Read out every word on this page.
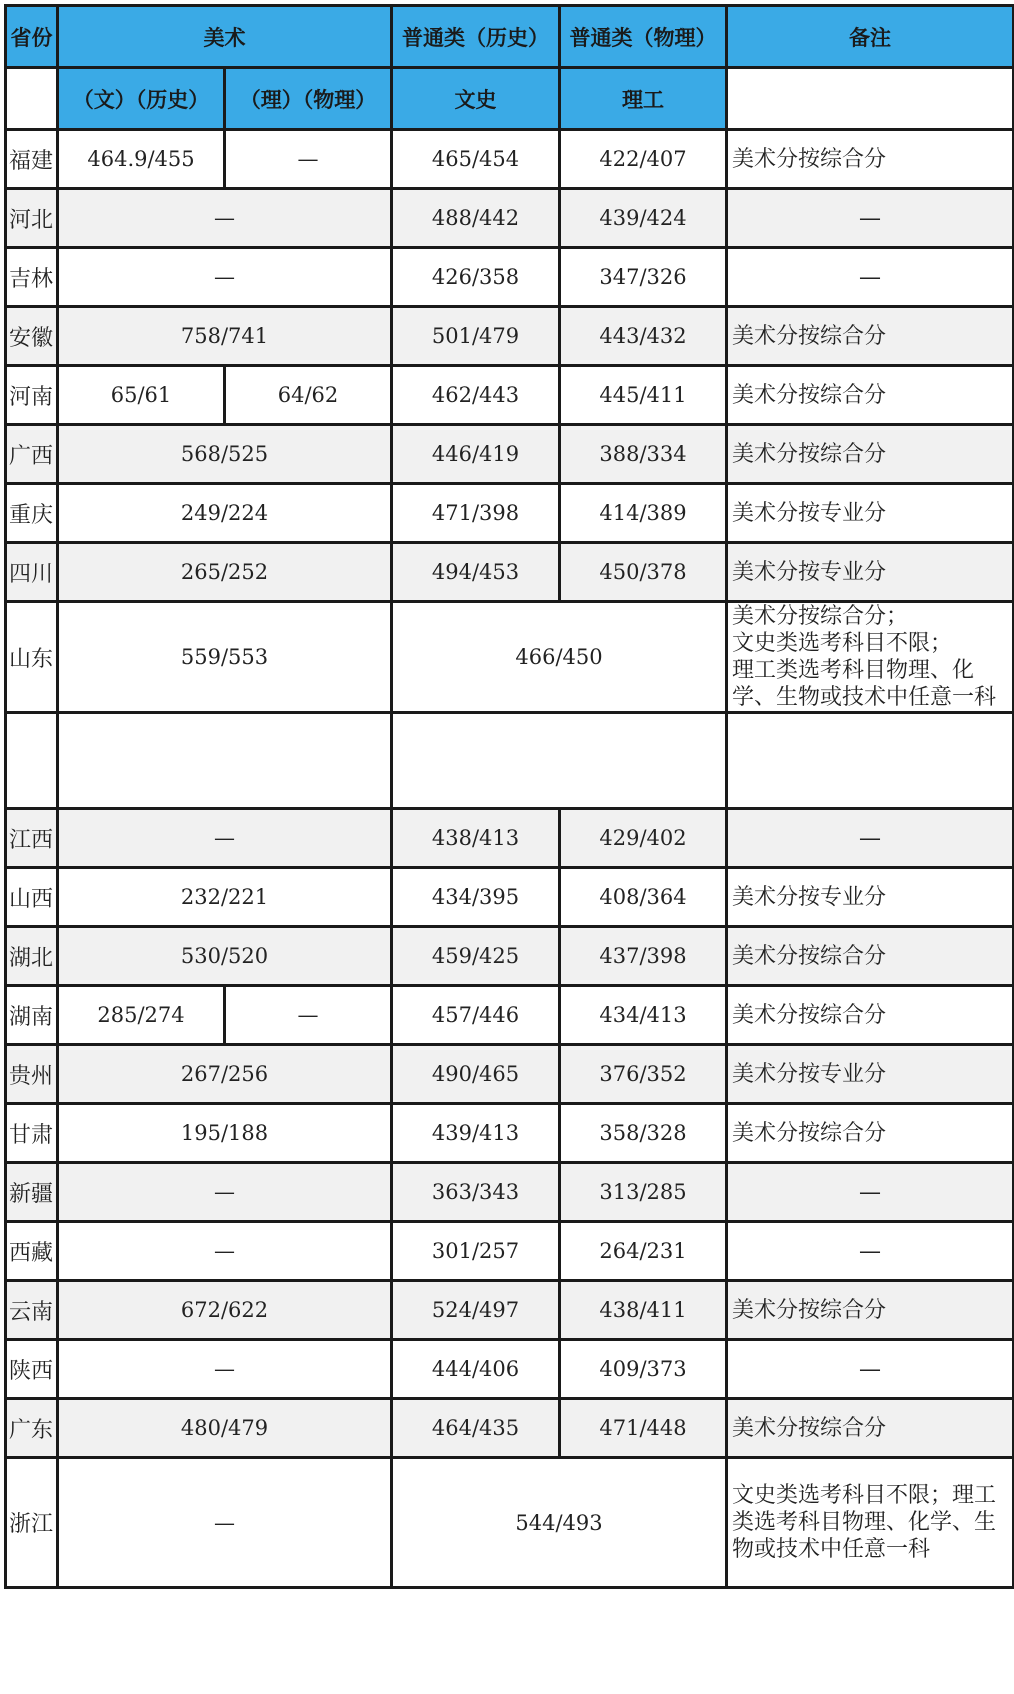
省份	美术		普通类（历史）	普通类（物理）	备注
	（文）（历史）	（理）（物理）	文史	理工	
福建	464.9/455	—	465/454	422/407	美术分按综合分
河北	—		488/442	439/424	—
吉林	—		426/358	347/326	—
安徽	758/741		501/479	443/432	美术分按综合分
河南	65/61	64/62	462/443	445/411	美术分按综合分
广西	568/525		446/419	388/334	美术分按综合分
重庆	249/224		471/398	414/389	美术分按专业分
四川	265/252		494/453	450/378	美术分按专业分
山东	559/553		466/450		美术分按综合分；
文史类选考科目不限；
理工类选考科目物理、化
学、生物或技术中任意一科

江西	—		438/413	429/402	—
山西	232/221		434/395	408/364	美术分按专业分
湖北	530/520		459/425	437/398	美术分按综合分
湖南	285/274	—	457/446	434/413	美术分按综合分
贵州	267/256		490/465	376/352	美术分按专业分
甘肃	195/188		439/413	358/328	美术分按综合分
新疆	—		363/343	313/285	—
西藏	—		301/257	264/231	—
云南	672/622		524/497	438/411	美术分按综合分
陕西	—		444/406	409/373	—
广东	480/479		464/435	471/448	美术分按综合分
浙江	—		544/493		文史类选考科目不限；理工
类选考科目物理、化学、生
物或技术中任意一科
